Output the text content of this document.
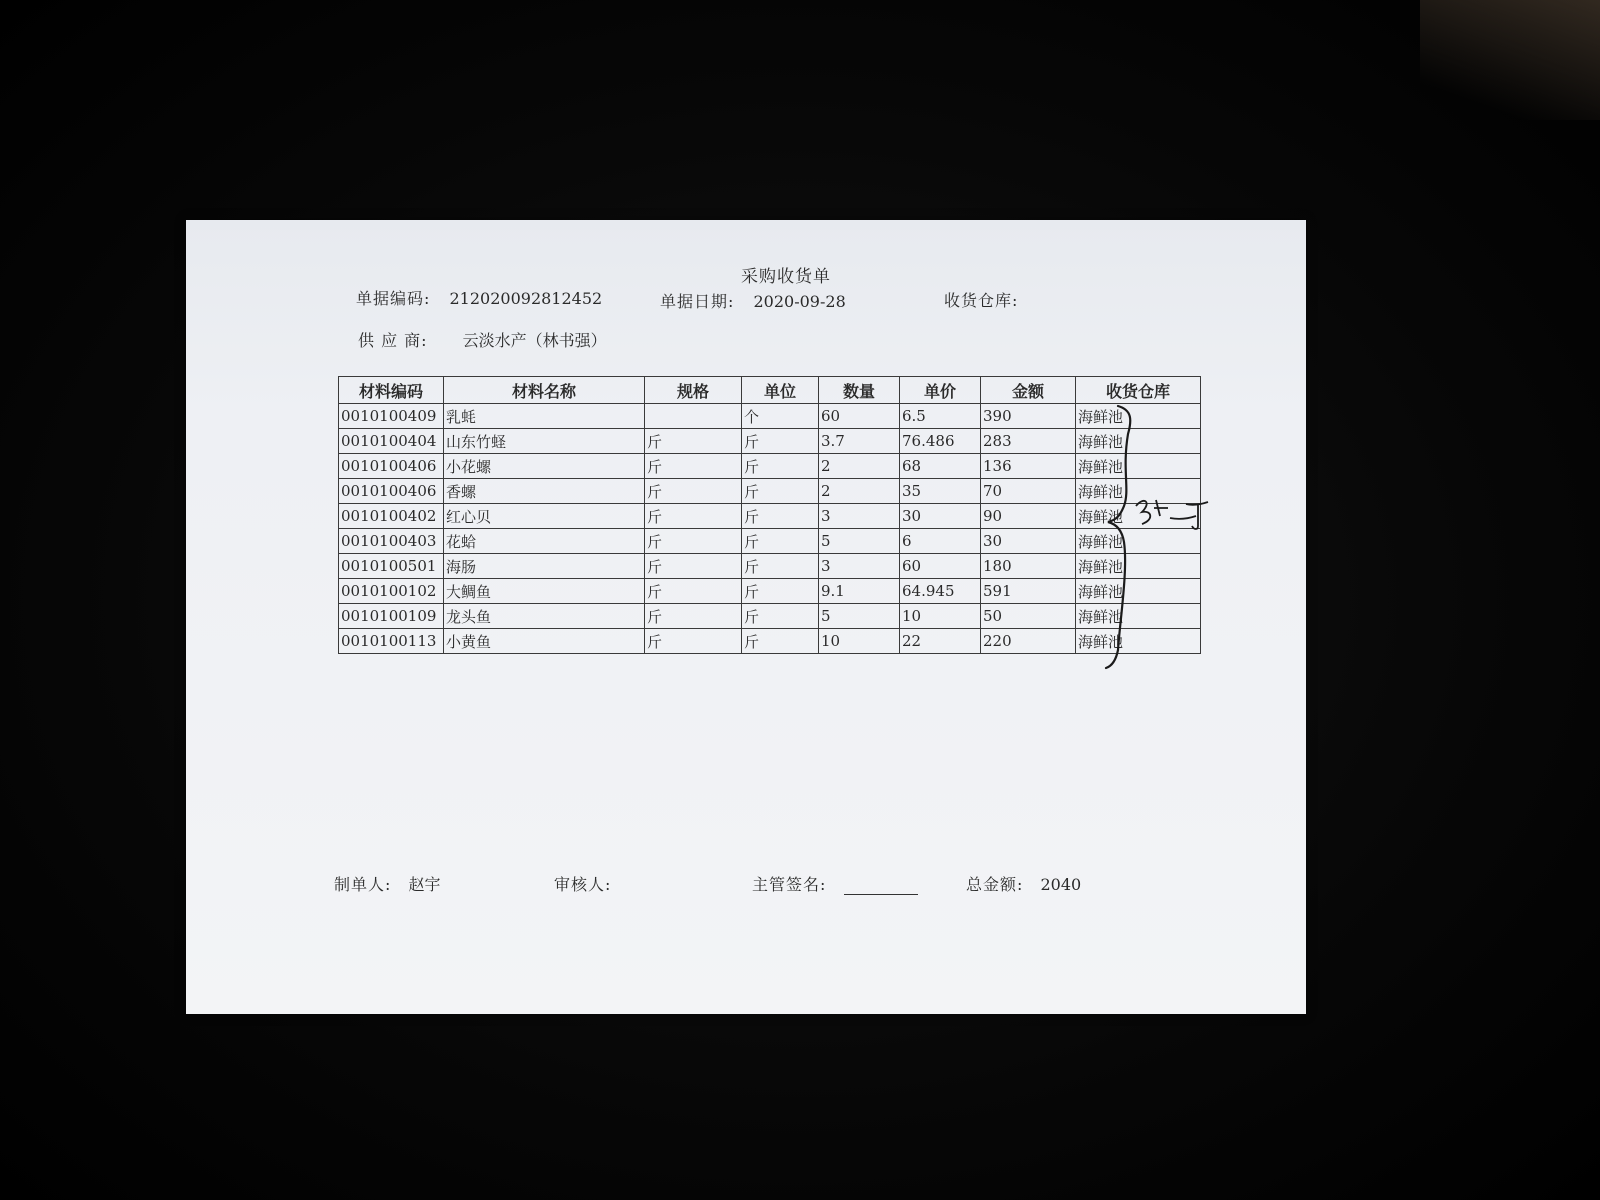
采购收货单
单据编码: 212020092812452	单据日期: 2020-09-28	收货仓库:
供 应 商: 云淡水产（林书强）
材料编码	材料名称	规格	单位	数量	单价	金额	收货仓库
0010100409	乳蚝		个	60	6.5	390	海鲜池
0010100404	山东竹蛏	斤	斤	3.7	76.486	283	海鲜池
0010100406	小花螺	斤	斤	2	68	136	海鲜池
0010100406	香螺	斤	斤	2	35	70	海鲜池
0010100402	红心贝	斤	斤	3	30	90	海鲜池
0010100403	花蛤	斤	斤	5	6	30	海鲜池
0010100501	海肠	斤	斤	3	60	180	海鲜池
0010100102	大鲷鱼	斤	斤	9.1	64.945	591	海鲜池
0010100109	龙头鱼	斤	斤	5	10	50	海鲜池
0010100113	小黄鱼	斤	斤	10	22	220	海鲜池
制单人: 赵宇	审核人:	主管签名:	总金额: 2040
